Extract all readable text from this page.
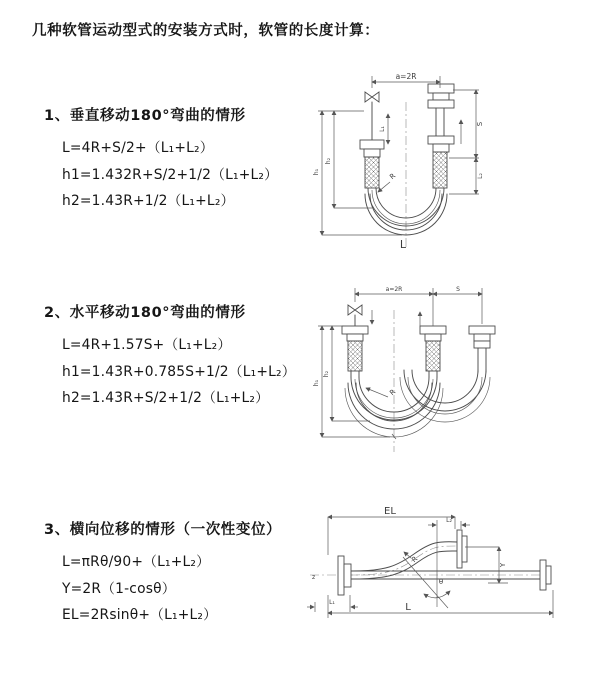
几种软管运动型式的安装方式时，软管的长度计算：
1、垂直移动180°弯曲的情形
L=4R+S/2+（L₁+L₂）
h1=1.432R+S/2+1/2（L₁+L₂）
h2=1.43R+1/2（L₁+L₂）
2、水平移动180°弯曲的情形
L=4R+1.57S+（L₁+L₂）
h1=1.43R+0.785S+1/2（L₁+L₂）
h2=1.43R+S/2+1/2（L₁+L₂）
3、横向位移的情形（一次性变位）
L=πRθ/90+（L₁+L₂）
Y=2R（1-cosθ）
EL=2Rsinθ+（L₁+L₂）
a=2R
L₁
S
L₂
h₂
h₁	R
L
a=2R	S
h₂
h₁
R
z
EL
L₂
θ
Y
R
L
L₁
